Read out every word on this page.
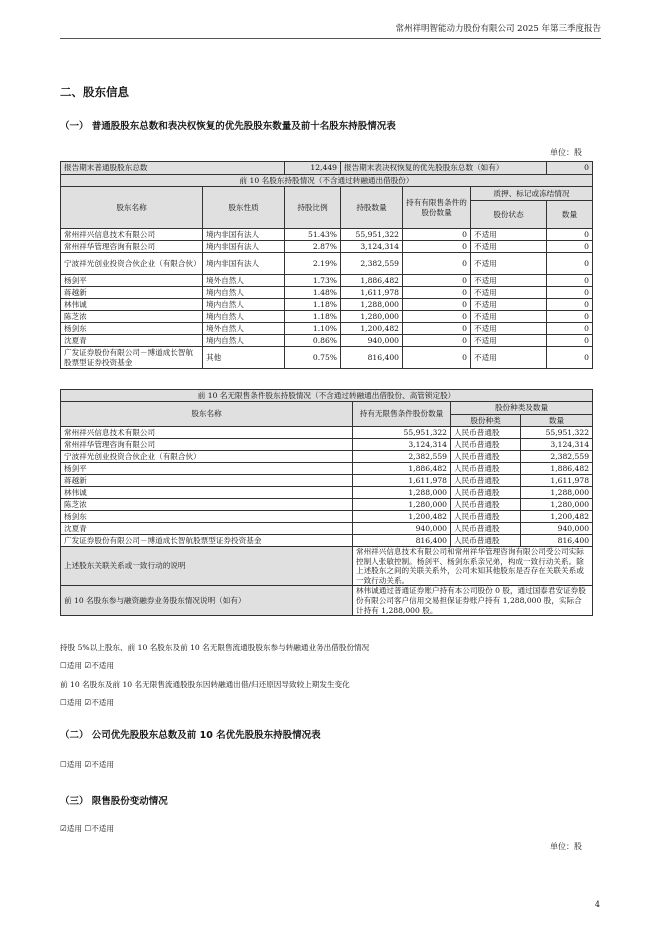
常州祥明智能动力股份有限公司 2025 年第三季度报告
二、股东信息
（一） 普通股股东总数和表决权恢复的优先股股东数量及前十名股东持股情况表
单位：股
报告期末普通股股东总数		12,449	报告期末表决权恢复的优先股股东总数（如有）			0
前 10 名股东持股情况（不含通过转融通出借股份）						
股东名称	股东性质	持股比例	持股数量	持有有限售条件的股份数量	质押、标记或冻结情况	
					股份状态	数量
常州祥兴信息技术有限公司	境内非国有法人	51.43%	55,951,322	0	不适用	0
常州祥华管理咨询有限公司	境内非国有法人	2.87%	3,124,314	0	不适用	0
宁波祥光创业投资合伙企业（有限合伙）	境内非国有法人	2.19%	2,382,559	0	不适用	0
杨剑平	境外自然人	1.73%	1,886,482	0	不适用	0
蒋越新	境内自然人	1.48%	1,611,978	0	不适用	0
林伟诚	境内自然人	1.18%	1,288,000	0	不适用	0
陈芝浓	境内自然人	1.18%	1,280,000	0	不适用	0
杨剑东	境外自然人	1.10%	1,200,482	0	不适用	0
沈夏青	境内自然人	0.86%	940,000	0	不适用	0
广发证券股份有限公司－博道成长智航股票型证券投资基金	其他	0.75%	816,400	0	不适用	0
前 10 名无限售条件股东持股情况（不含通过转融通出借股份、高管锁定股）			
股东名称	持有无限售条件股份数量	股份种类及数量	
		股份种类	数量
常州祥兴信息技术有限公司	55,951,322	人民币普通股	55,951,322
常州祥华管理咨询有限公司	3,124,314	人民币普通股	3,124,314
宁波祥光创业投资合伙企业（有限合伙）	2,382,559	人民币普通股	2,382,559
杨剑平	1,886,482	人民币普通股	1,886,482
蒋越新	1,611,978	人民币普通股	1,611,978
林伟诚	1,288,000	人民币普通股	1,288,000
陈芝浓	1,280,000	人民币普通股	1,280,000
杨剑东	1,200,482	人民币普通股	1,200,482
沈夏青	940,000	人民币普通股	940,000
广发证券股份有限公司－博道成长智航股票型证券投资基金	816,400	人民币普通股	816,400
上述股东关联关系或一致行动的说明	常州祥兴信息技术有限公司和常州祥华管理咨询有限公司受公司实际控制人张敏控制。杨剑平、杨剑东系亲兄弟，构成一致行动关系。除上述股东之间的关联关系外，公司未知其他股东是否存在关联关系或一致行动关系。		
前 10 名股东参与融资融券业务股东情况说明（如有）	林伟诚通过普通证券账户持有本公司股份 0 股，通过国泰君安证券股份有限公司客户信用交易担保证券账户持有 1,288,000 股，实际合计持有 1,288,000 股。		
持股 5%以上股东、前 10 名股东及前 10 名无限售流通股股东参与转融通业务出借股份情况
☐适用 ☑不适用
前 10 名股东及前 10 名无限售流通股股东因转融通出借/归还原因导致较上期发生变化
☐适用 ☑不适用
（二） 公司优先股股东总数及前 10 名优先股股东持股情况表
☐适用 ☑不适用
（三） 限售股份变动情况
☑适用 ☐不适用
单位：股
4
